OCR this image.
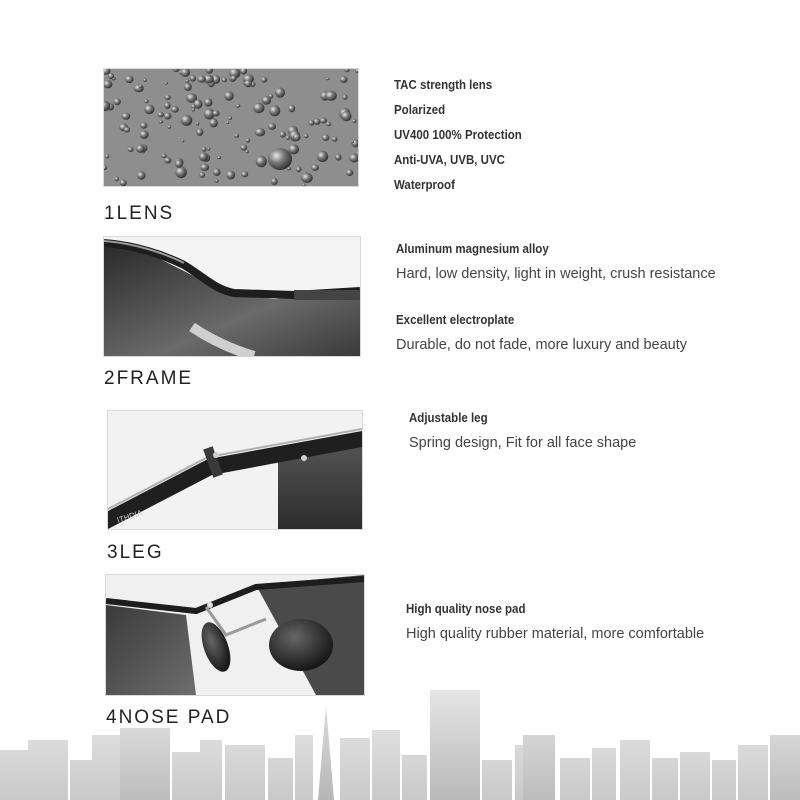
1LENS
TAC strength lens
Polarized
UV400 100% Protection
Anti-UVA, UVB, UVC
Waterproof
2FRAME
Aluminum magnesium alloy
Hard, low density, light in weight, crush resistance
Excellent electroplate
Durable, do not fade, more luxury and beauty
ITHDIA
3LEG
Adjustable leg
Spring design, Fit for all face shape
4NOSE PAD
High quality nose pad
High quality rubber material, more comfortable
